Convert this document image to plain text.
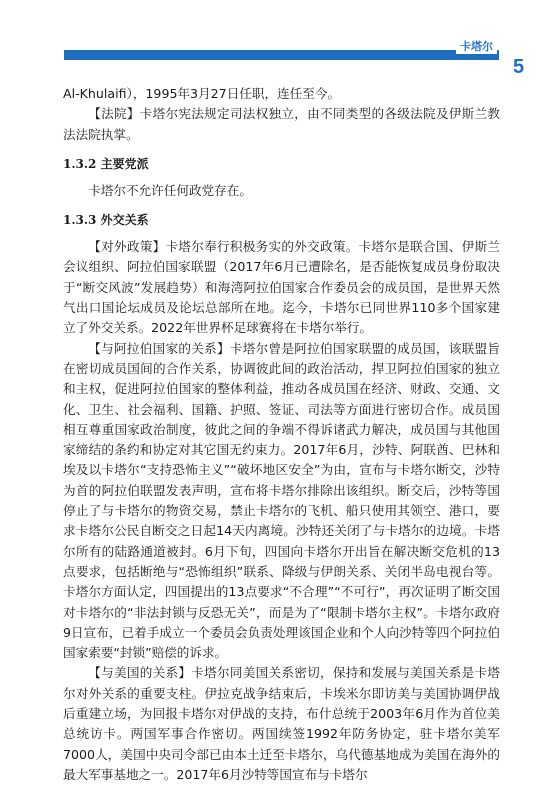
卡塔尔
5

Al-Khulaifi），1995年3月27日任职，连任至今。

【法院】卡塔尔宪法规定司法权独立，由不同类型的各级法院及伊斯兰教法法院执掌。

1.3.2 主要党派

卡塔尔不允许任何政党存在。

1.3.3 外交关系

【对外政策】卡塔尔奉行积极务实的外交政策。卡塔尔是联合国、伊斯兰会议组织、阿拉伯国家联盟（2017年6月已遭除名，是否能恢复成员身份取决于“断交风波”发展趋势）和海湾阿拉伯国家合作委员会的成员国，是世界天然气出口国论坛成员及论坛总部所在地。迄今，卡塔尔已同世界110多个国家建立了外交关系。2022年世界杯足球赛将在卡塔尔举行。

【与阿拉伯国家的关系】卡塔尔曾是阿拉伯国家联盟的成员国，该联盟旨在密切成员国间的合作关系，协调彼此间的政治活动，捍卫阿拉伯国家的独立和主权，促进阿拉伯国家的整体利益，推动各成员国在经济、财政、交通、文化、卫生、社会福利、国籍、护照、签证、司法等方面进行密切合作。成员国相互尊重国家政治制度，彼此之间的争端不得诉诸武力解决，成员国与其他国家缔结的条约和协定对其它国无约束力。2017年6月，沙特、阿联酋、巴林和埃及以卡塔尔“支持恐怖主义”“破坏地区安全”为由，宣布与卡塔尔断交，沙特为首的阿拉伯联盟发表声明，宣布将卡塔尔排除出该组织。断交后，沙特等国停止了与卡塔尔的物资交易，禁止卡塔尔的飞机、船只使用其领空、港口，要求卡塔尔公民自断交之日起14天内离境。沙特还关闭了与卡塔尔的边境。卡塔尔所有的陆路通道被封。6月下旬，四国向卡塔尔开出旨在解决断交危机的13点要求，包括断绝与“恐怖组织”联系、降级与伊朗关系、关闭半岛电视台等。卡塔尔方面认定，四国提出的13点要求“不合理”“不可行”，再次证明了断交国对卡塔尔的“非法封锁与反恐无关”，而是为了“限制卡塔尔主权”。卡塔尔政府9日宣布，已着手成立一个委员会负责处理该国企业和个人向沙特等四个阿拉伯国家索要“封锁”赔偿的诉求。

【与美国的关系】卡塔尔同美国关系密切，保持和发展与美国关系是卡塔尔对外关系的重要支柱。伊拉克战争结束后，卡埃米尔即访美与美国协调伊战后重建立场，为回报卡塔尔对伊战的支持，布什总统于2003年6月作为首位美总统访卡。两国军事合作密切。两国续签1992年防务协定，驻卡塔尔美军7000人，美国中央司令部已由本土迁至卡塔尔，乌代德基地成为美国在海外的最大军事基地之一。2017年6月沙特等国宣布与卡塔尔
